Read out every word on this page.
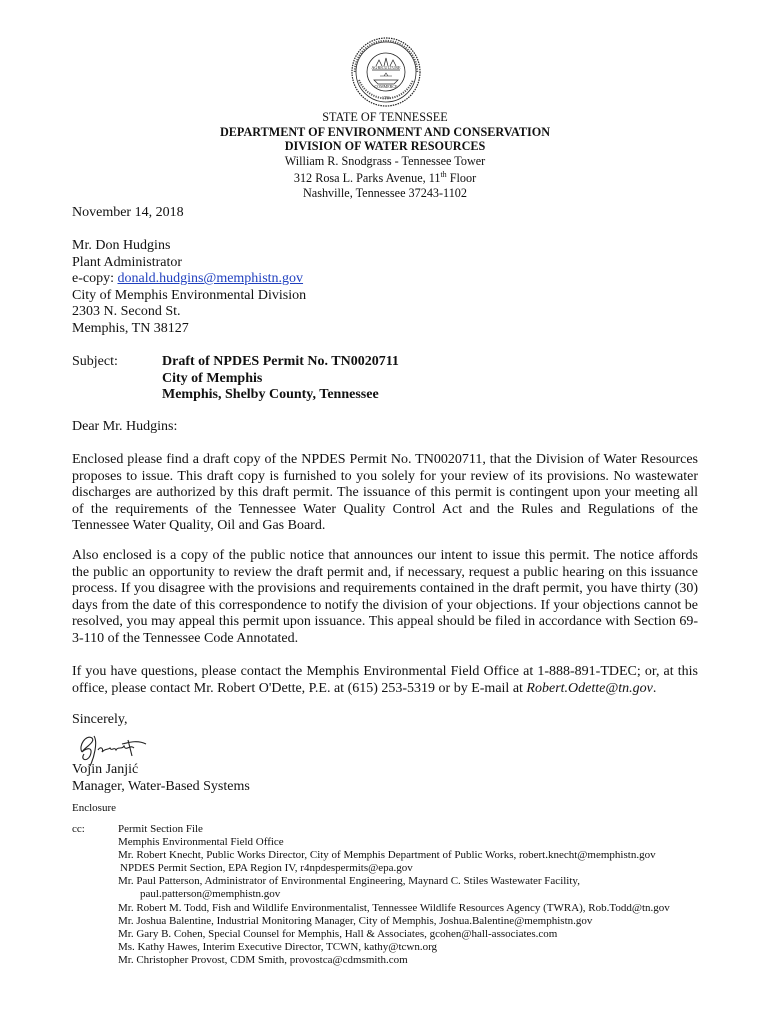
AGRICULTURE
COMMERCE
1796
STATE OF TENNESSEE
DEPARTMENT OF ENVIRONMENT AND CONSERVATION
DIVISION OF WATER RESOURCES
William R. Snodgrass - Tennessee Tower
312 Rosa L. Parks Avenue, 11th Floor
Nashville, Tennessee 37243-1102
November 14, 2018
Mr. Don Hudgins
Plant Administrator
e-copy: donald.hudgins@memphistn.gov
City of Memphis Environmental Division
2303 N. Second St.
Memphis, TN 38127
Subject:	Draft of NPDES Permit No. TN0020711
City of Memphis
Memphis, Shelby County, Tennessee
Dear Mr. Hudgins:
Enclosed please find a draft copy of the NPDES Permit No. TN0020711, that the Division of Water Resources proposes to issue. This draft copy is furnished to you solely for your review of its provisions. No wastewater discharges are authorized by this draft permit. The issuance of this permit is contingent upon your meeting all of the requirements of the Tennessee Water Quality Control Act and the Rules and Regulations of the Tennessee Water Quality, Oil and Gas Board.
Also enclosed is a copy of the public notice that announces our intent to issue this permit. The notice affords the public an opportunity to review the draft permit and, if necessary, request a public hearing on this issuance process. If you disagree with the provisions and requirements contained in the draft permit, you have thirty (30) days from the date of this correspondence to notify the division of your objections. If your objections cannot be resolved, you may appeal this permit upon issuance. This appeal should be filed in accordance with Section 69-3-110 of the Tennessee Code Annotated.
If you have questions, please contact the Memphis Environmental Field Office at 1-888-891-TDEC; or, at this office, please contact Mr. Robert O'Dette, P.E. at (615) 253-5319 or by E-mail at Robert.Odette@tn.gov.
Sincerely,
Vojin Janjić
Manager, Water-Based Systems
Enclosure
cc:	Permit Section File
Memphis Environmental Field Office
Mr. Robert Knecht, Public Works Director, City of Memphis Department of Public Works, robert.knecht@memphistn.gov
NPDES Permit Section, EPA Region IV, r4npdespermits@epa.gov
Mr. Paul Patterson, Administrator of Environmental Engineering, Maynard C. Stiles Wastewater Facility,
paul.patterson@memphistn.gov
Mr. Robert M. Todd, Fish and Wildlife Environmentalist, Tennessee Wildlife Resources Agency (TWRA), Rob.Todd@tn.gov
Mr. Joshua Balentine, Industrial Monitoring Manager, City of Memphis, Joshua.Balentine@memphistn.gov
Mr. Gary B. Cohen, Special Counsel for Memphis, Hall & Associates, gcohen@hall-associates.com
Ms. Kathy Hawes, Interim Executive Director, TCWN, kathy@tcwn.org
Mr. Christopher Provost, CDM Smith, provostca@cdmsmith.com
